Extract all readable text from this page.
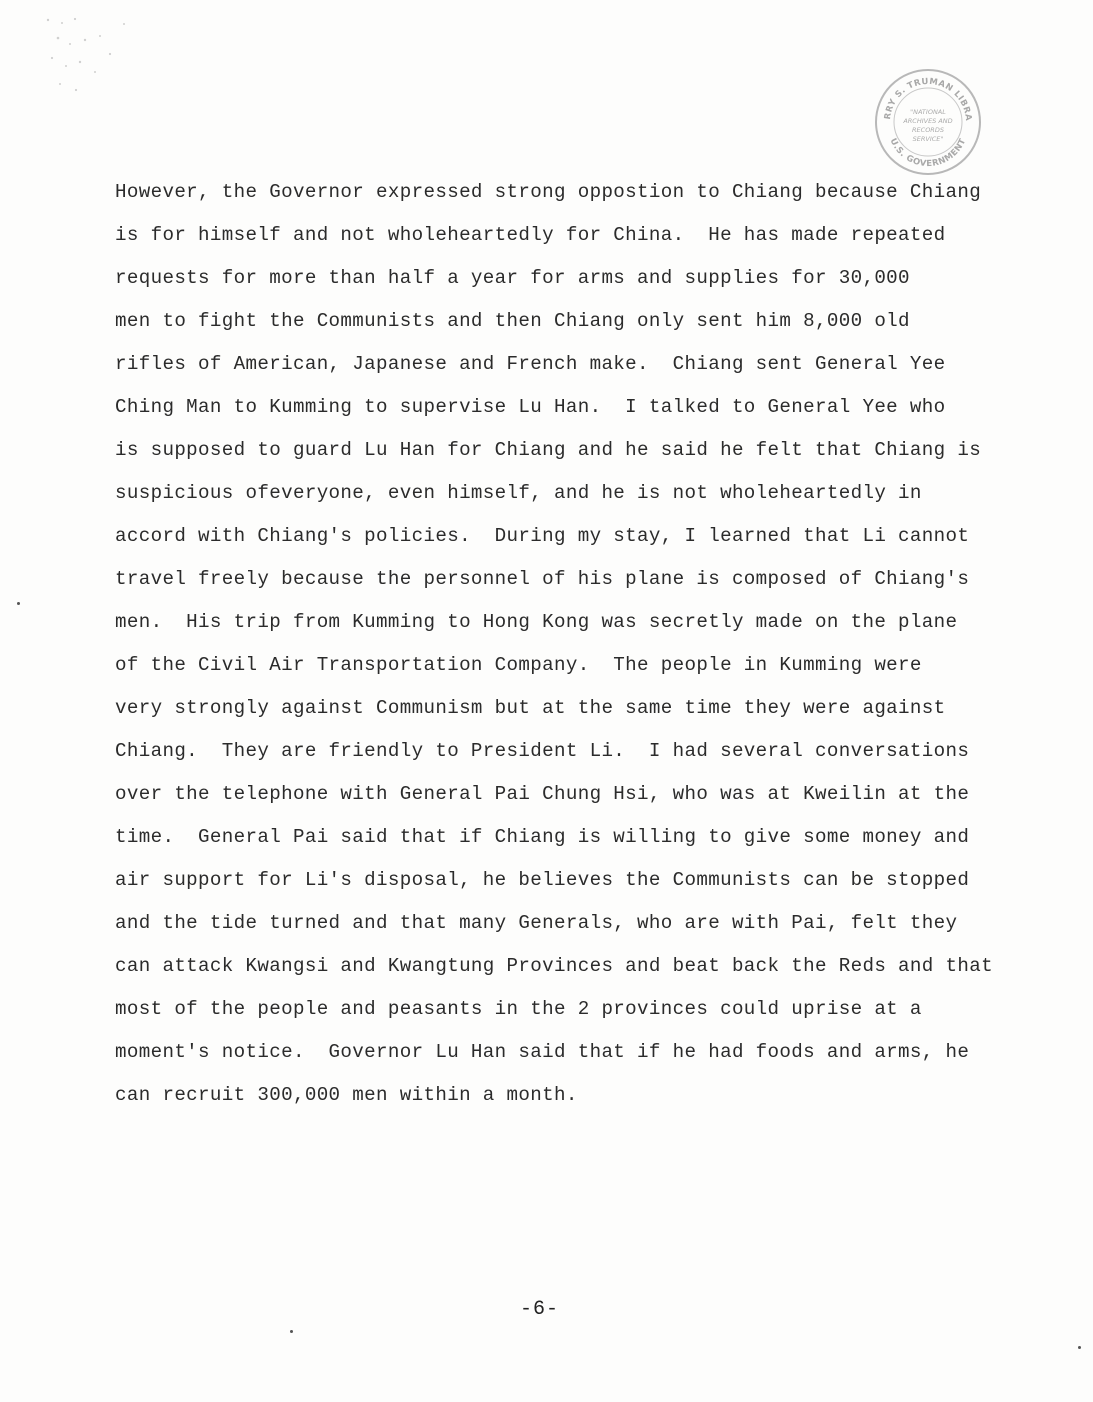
RRY S. TRUMAN LIBRA
U.S. GOVERNMENT
"NATIONAL
ARCHIVES AND
RECORDS
SERVICE"
However, the Governor expressed strong oppostion to Chiang because Chiang
is for himself and not wholeheartedly for China.  He has made repeated
requests for more than half a year for arms and supplies for 30,000
men to fight the Communists and then Chiang only sent him 8,000 old
rifles of American, Japanese and French make.  Chiang sent General Yee
Ching Man to Kumming to supervise Lu Han.  I talked to General Yee who
is supposed to guard Lu Han for Chiang and he said he felt that Chiang is
suspicious ofeveryone, even himself, and he is not wholeheartedly in
accord with Chiang's policies.  During my stay, I learned that Li cannot
travel freely because the personnel of his plane is composed of Chiang's
men.  His trip from Kumming to Hong Kong was secretly made on the plane
of the Civil Air Transportation Company.  The people in Kumming were
very strongly against Communism but at the same time they were against
Chiang.  They are friendly to President Li.  I had several conversations
over the telephone with General Pai Chung Hsi, who was at Kweilin at the
time.  General Pai said that if Chiang is willing to give some money and
air support for Li's disposal, he believes the Communists can be stopped
and the tide turned and that many Generals, who are with Pai, felt they
can attack Kwangsi and Kwangtung Provinces and beat back the Reds and that
most of the people and peasants in the 2 provinces could uprise at a
moment's notice.  Governor Lu Han said that if he had foods and arms, he
can recruit 300,000 men within a month.
-6-
